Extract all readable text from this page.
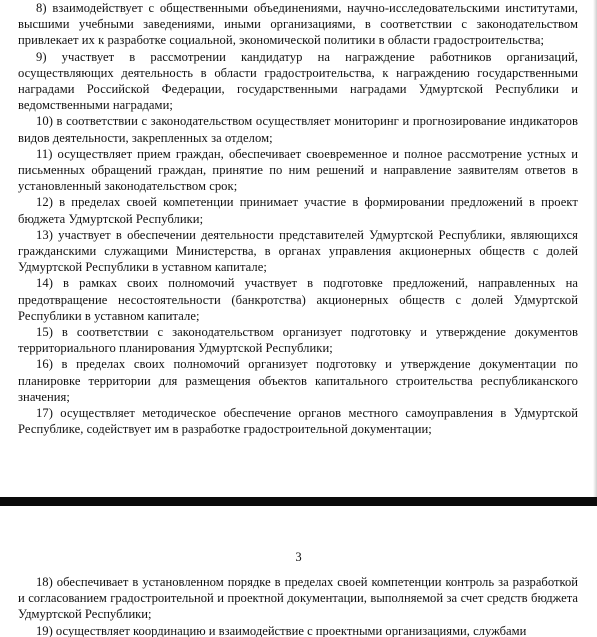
8) взаимодействует с общественными объединениями, научно-исследовательскими институтами, высшими учебными заведениями, иными организациями, в соответствии с законодательством привлекает их к разработке социальной, экономической политики в области градостроительства;

9) участвует в рассмотрении кандидатур на награждение работников организаций, осуществляющих деятельность в области градостроительства, к награждению государственными наградами Российской Федерации, государственными наградами Удмуртской Республики и ведомственными наградами;

10) в соответствии с законодательством осуществляет мониторинг и прогнозирование индикаторов видов деятельности, закрепленных за отделом;

11) осуществляет прием граждан, обеспечивает своевременное и полное рассмотрение устных и письменных обращений граждан, принятие по ним решений и направление заявителям ответов в установленный законодательством срок;

12) в пределах своей компетенции принимает участие в формировании предложений в проект бюджета Удмуртской Республики;

13) участвует в обеспечении деятельности представителей Удмуртской Республики, являющихся гражданскими служащими Министерства, в органах управления акционерных обществ с долей Удмуртской Республики в уставном капитале;

14) в рамках своих полномочий участвует в подготовке предложений, направленных на предотвращение несостоятельности (банкротства) акционерных обществ с долей Удмуртской Республики в уставном капитале;

15) в соответствии с законодательством организует подготовку и утверждение документов территориального планирования Удмуртской Республики;

16) в пределах своих полномочий организует подготовку и утверждение документации по планировке территории для размещения объектов капитального строительства республиканского значения;

17) осуществляет методическое обеспечение органов местного самоуправления в Удмуртской Республике, содействует им в разработке градостроительной документации;

3

18) обеспечивает в установленном порядке в пределах своей компетенции контроль за разработкой и согласованием градостроительной и проектной документации, выполняемой за счет средств бюджета Удмуртской Республики;

19) осуществляет координацию и взаимодействие с проектными организациями, службами
